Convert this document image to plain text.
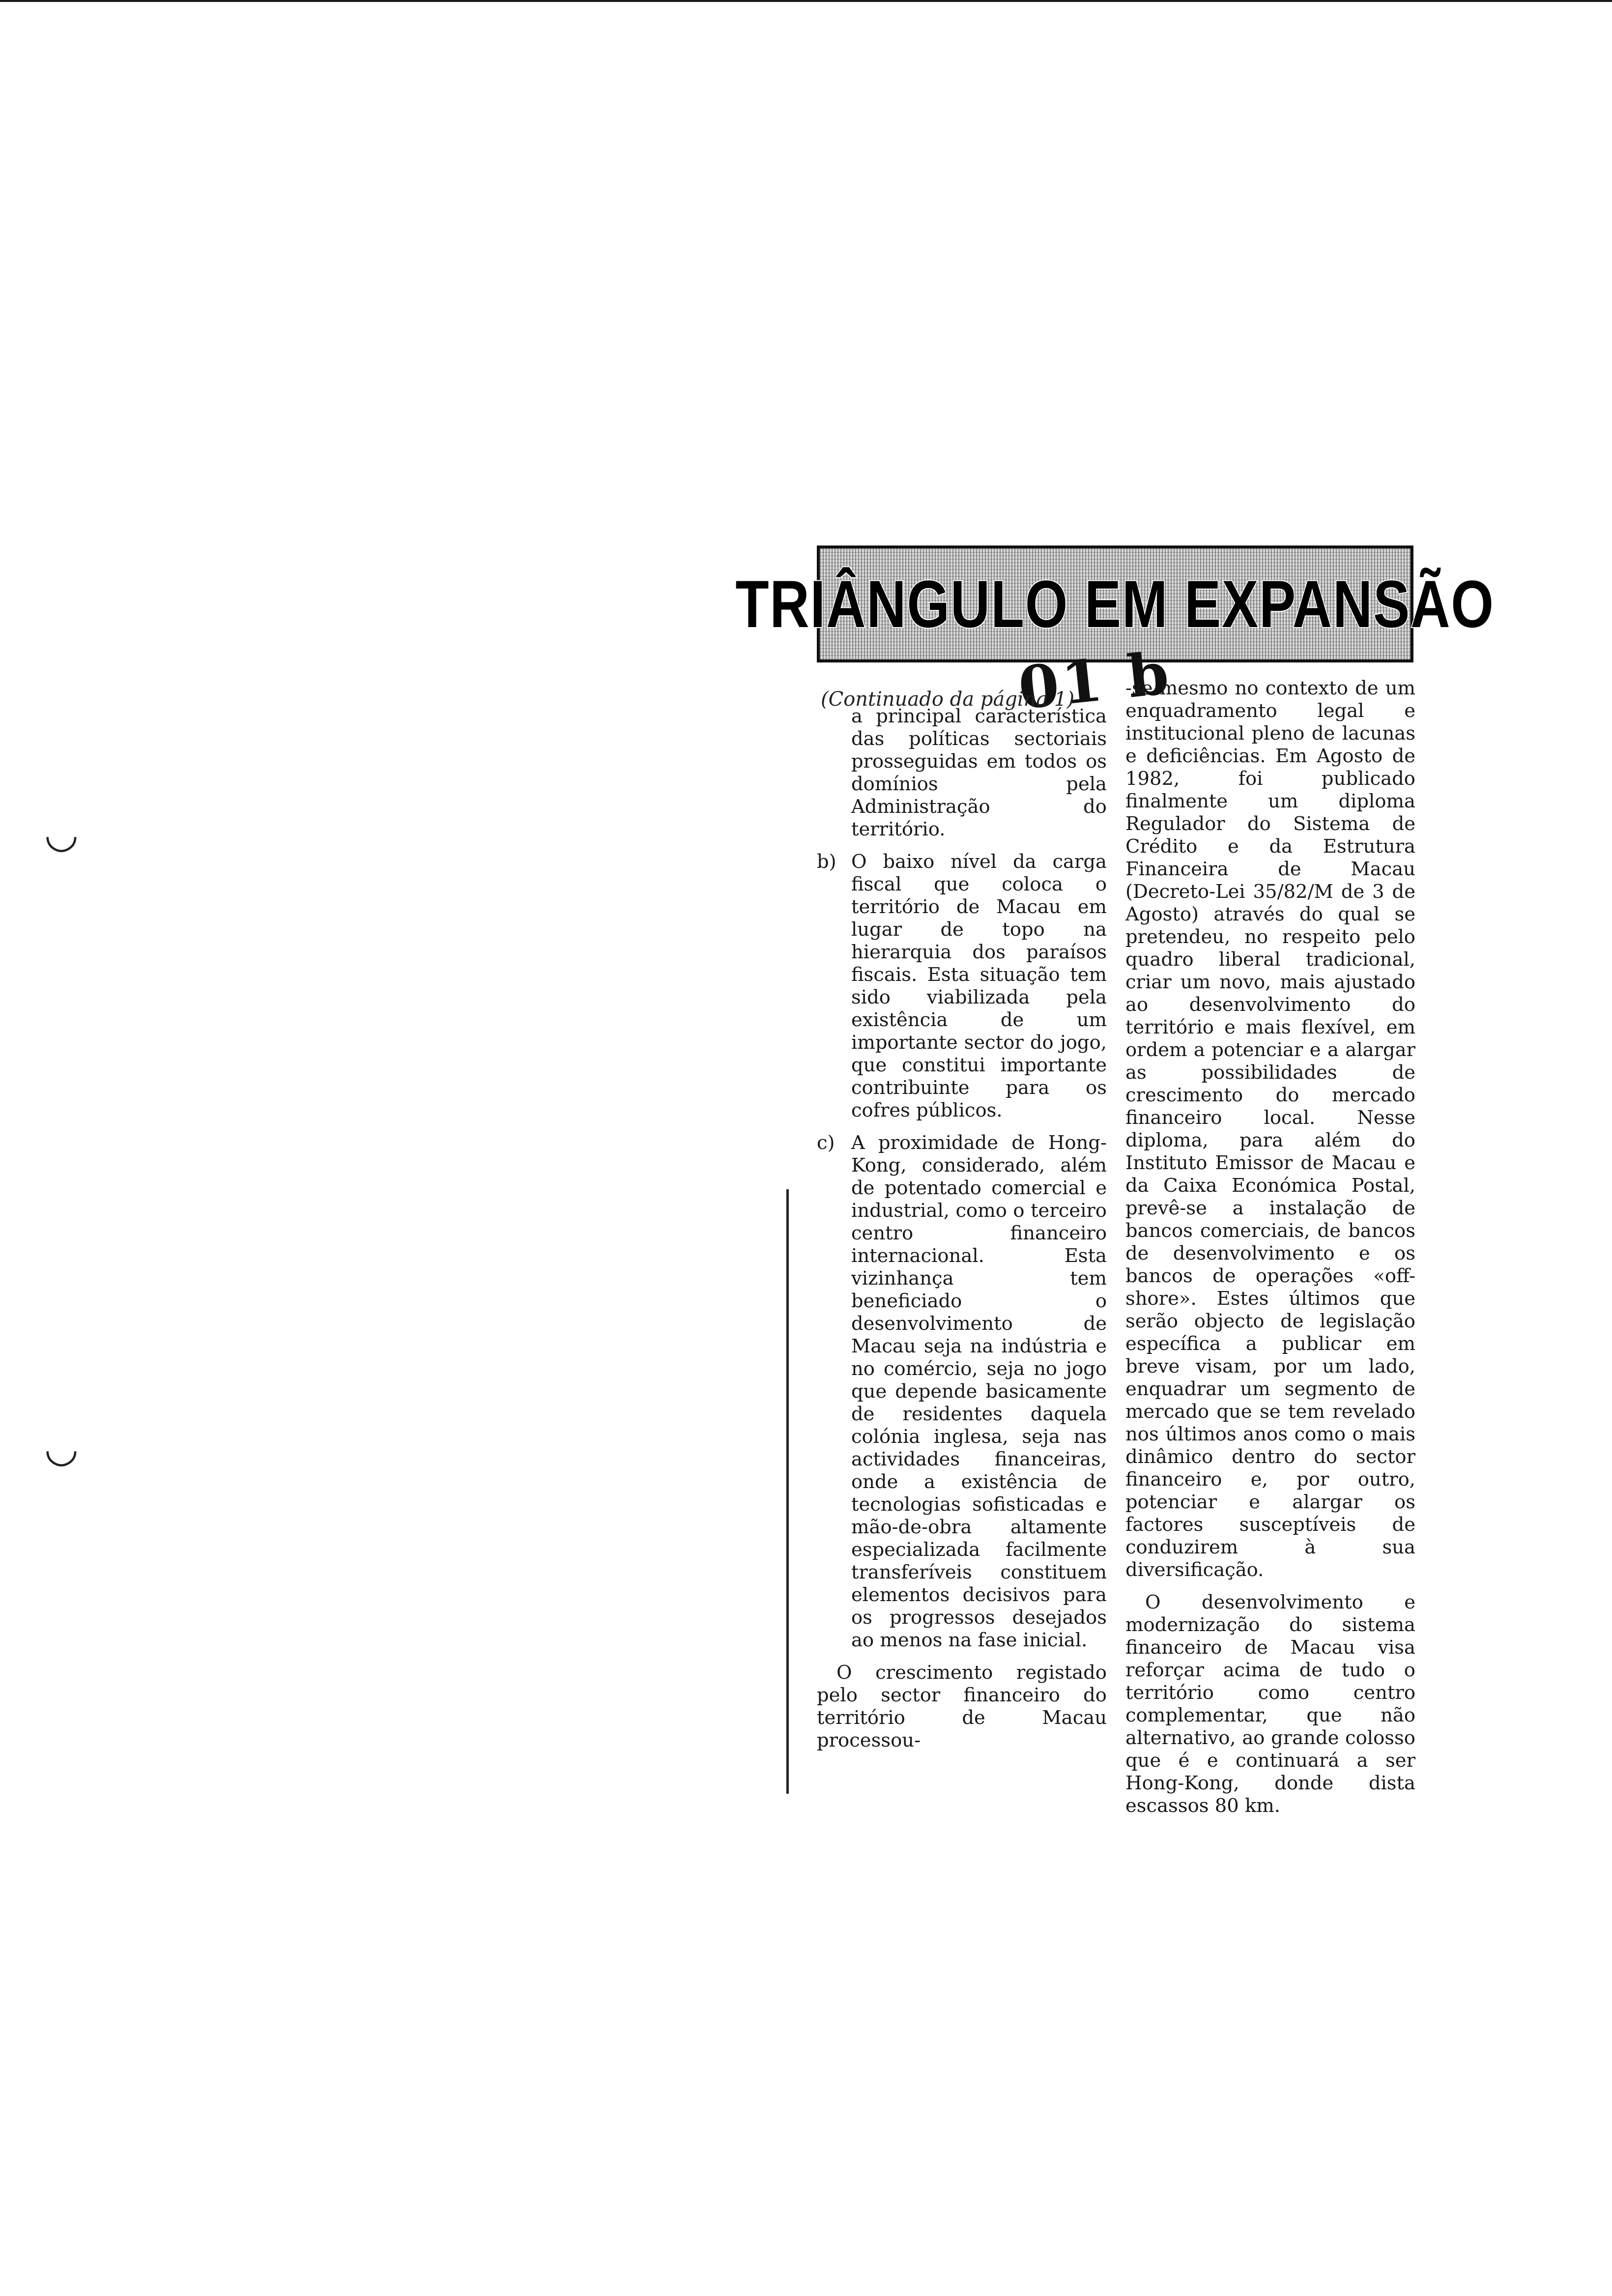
◡
◡
TRIÂNGULO EM EXPANSÃO
01 b
(Continuado da página 1)

a principal característica das políticas sectoriais prosseguidas em todos os domínios pela Administração do território.

b) O baixo nível da carga fiscal que coloca o território de Macau em lugar de topo na hierarquia dos paraísos fiscais. Esta situação tem sido viabilizada pela existência de um importante sector do jogo, que constitui importante contribuinte para os cofres públicos.
c) A proximidade de Hong-Kong, considerado, além de potentado comercial e industrial, como o terceiro centro financeiro internacional. Esta vizinhança tem beneficiado o desenvolvimento de Macau seja na indústria e no comércio, seja no jogo que depende basicamente de residentes daquela colónia inglesa, seja nas actividades financeiras, onde a existência de tecnologias sofisticadas e mão-de-obra altamente especializada facilmente transferíveis constituem elementos decisivos para os progressos desejados ao menos na fase inicial.

O crescimento registado pelo sector financeiro do território de Macau processou-

-se mesmo no contexto de um enquadramento legal e institucional pleno de lacunas e deficiências. Em Agosto de 1982, foi publicado finalmente um diploma Regulador do Sistema de Crédito e da Estrutura Financeira de Macau (Decreto-Lei 35/82/M de 3 de Agosto) através do qual se pretendeu, no respeito pelo quadro liberal tradicional, criar um novo, mais ajustado ao desenvolvimento do território e mais flexível, em ordem a potenciar e a alargar as possibilidades de crescimento do mercado financeiro local. Nesse diploma, para além do Instituto Emissor de Macau e da Caixa Económica Postal, prevê-se a instalação de bancos comerciais, de bancos de desenvolvimento e os bancos de operações «off-shore». Estes últimos que serão objecto de legislação específica a publicar em breve visam, por um lado, enquadrar um segmento de mercado que se tem revelado nos últimos anos como o mais dinâmico dentro do sector financeiro e, por outro, potenciar e alargar os factores susceptíveis de conduzirem à sua diversificação.

O desenvolvimento e modernização do sistema financeiro de Macau visa reforçar acima de tudo o território como centro complementar, que não alternativo, ao grande colosso que é e continuará a ser Hong-Kong, donde dista escassos 80 km.
